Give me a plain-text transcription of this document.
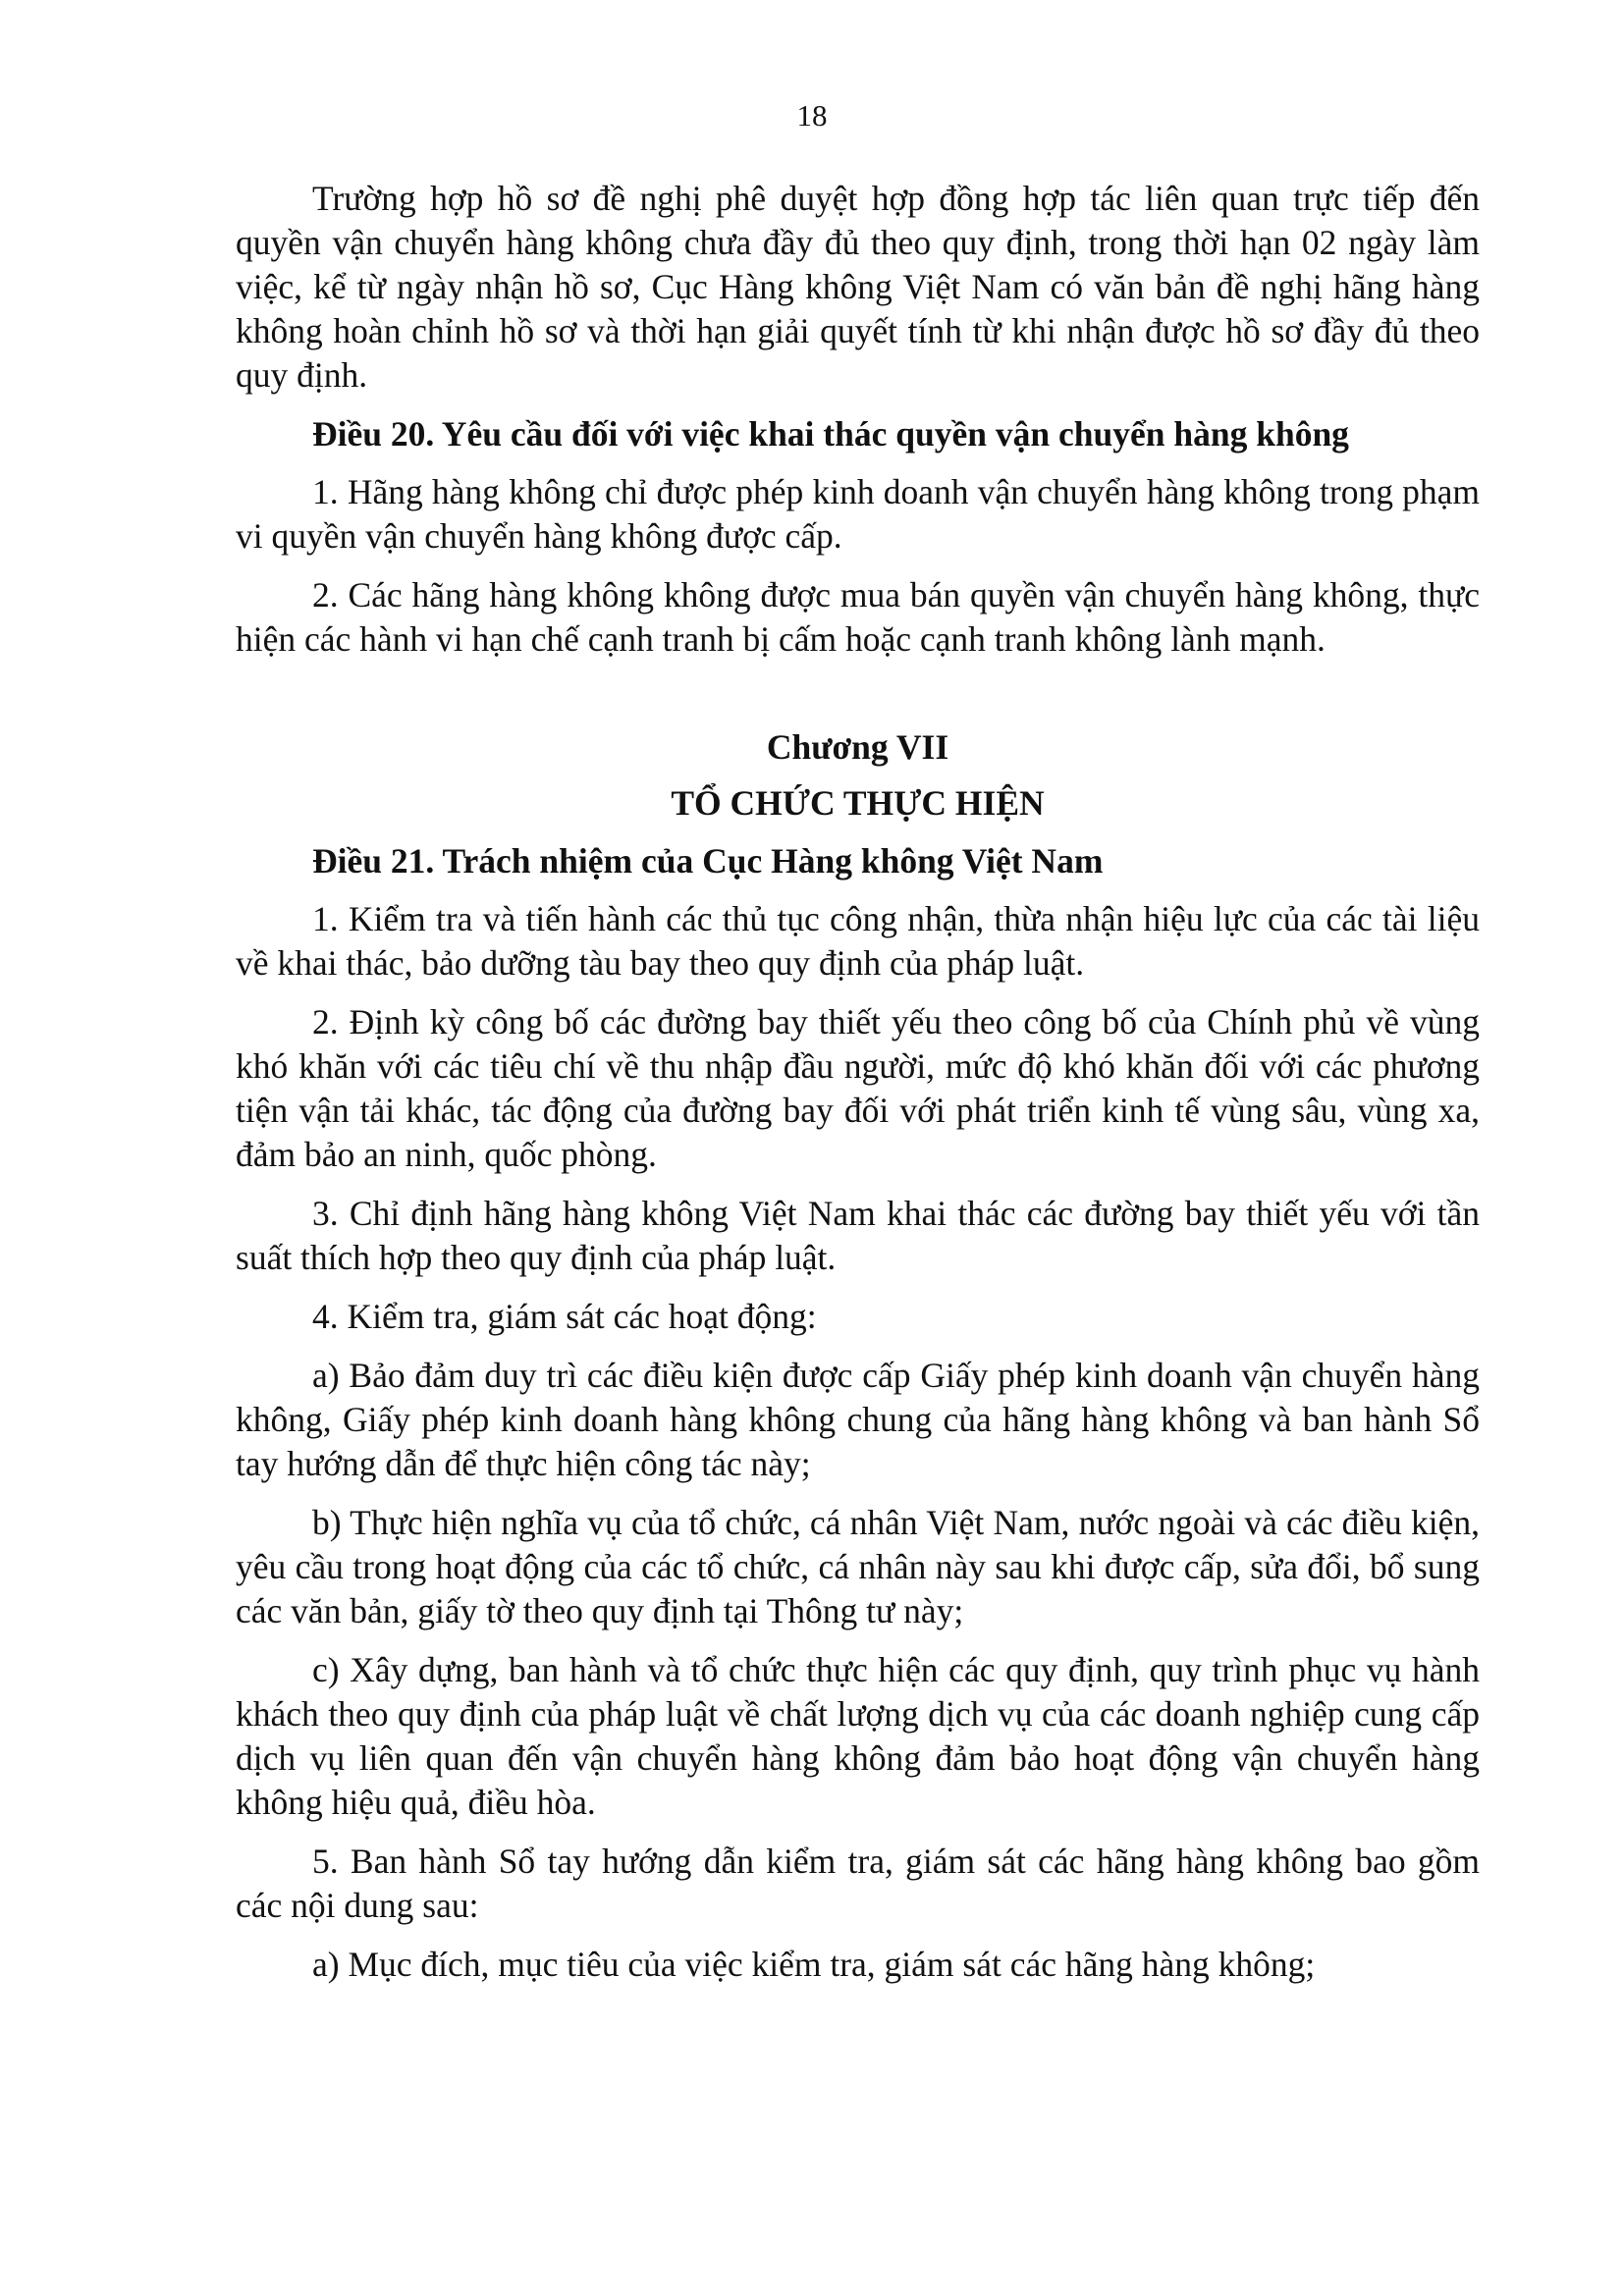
18

Trường hợp hồ sơ đề nghị phê duyệt hợp đồng hợp tác liên quan trực tiếp đến quyền vận chuyển hàng không chưa đầy đủ theo quy định, trong thời hạn 02 ngày làm việc, kể từ ngày nhận hồ sơ, Cục Hàng không Việt Nam có văn bản đề nghị hãng hàng không hoàn chỉnh hồ sơ và thời hạn giải quyết tính từ khi nhận được hồ sơ đầy đủ theo quy định.

Điều 20. Yêu cầu đối với việc khai thác quyền vận chuyển hàng không

1. Hãng hàng không chỉ được phép kinh doanh vận chuyển hàng không trong phạm vi quyền vận chuyển hàng không được cấp.

2. Các hãng hàng không không được mua bán quyền vận chuyển hàng không, thực hiện các hành vi hạn chế cạnh tranh bị cấm hoặc cạnh tranh không lành mạnh.

Chương VII

TỔ CHỨC THỰC HIỆN

Điều 21. Trách nhiệm của Cục Hàng không Việt Nam

1. Kiểm tra và tiến hành các thủ tục công nhận, thừa nhận hiệu lực của các tài liệu về khai thác, bảo dưỡng tàu bay theo quy định của pháp luật.

2. Định kỳ công bố các đường bay thiết yếu theo công bố của Chính phủ về vùng khó khăn với các tiêu chí về thu nhập đầu người, mức độ khó khăn đối với các phương tiện vận tải khác, tác động của đường bay đối với phát triển kinh tế vùng sâu, vùng xa, đảm bảo an ninh, quốc phòng.

3. Chỉ định hãng hàng không Việt Nam khai thác các đường bay thiết yếu với tần suất thích hợp theo quy định của pháp luật.

4. Kiểm tra, giám sát các hoạt động:

a) Bảo đảm duy trì các điều kiện được cấp Giấy phép kinh doanh vận chuyển hàng không, Giấy phép kinh doanh hàng không chung của hãng hàng không và ban hành Sổ tay hướng dẫn để thực hiện công tác này;

b) Thực hiện nghĩa vụ của tổ chức, cá nhân Việt Nam, nước ngoài và các điều kiện, yêu cầu trong hoạt động của các tổ chức, cá nhân này sau khi được cấp, sửa đổi, bổ sung các văn bản, giấy tờ theo quy định tại Thông tư này;

c) Xây dựng, ban hành và tổ chức thực hiện các quy định, quy trình phục vụ hành khách theo quy định của pháp luật về chất lượng dịch vụ của các doanh nghiệp cung cấp dịch vụ liên quan đến vận chuyển hàng không đảm bảo hoạt động vận chuyển hàng không hiệu quả, điều hòa.

5. Ban hành Sổ tay hướng dẫn kiểm tra, giám sát các hãng hàng không bao gồm các nội dung sau:

a) Mục đích, mục tiêu của việc kiểm tra, giám sát các hãng hàng không;
